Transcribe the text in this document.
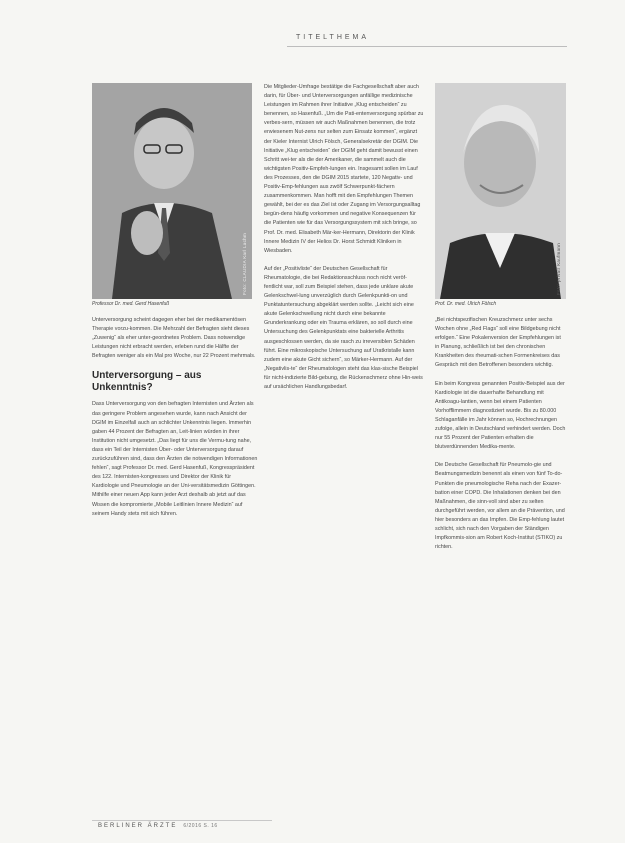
TITELTHEMA
Foto: CLAUDIA Karl Lachm
Professor Dr. med. Gerd Hasenfuß
Foto: privat/ Kaufmann
Prof. Dr. med. Ulrich Fölsch

Unterversorgung scheint dagegen eher bei der medikamentösen Therapie vorzu-kommen. Die Mehrzahl der Befragten sieht dieses „Zuwenig“ als eher unter-geordnetes Problem. Dass notwendige Leistungen nicht erbracht werden, erleben rund die Hälfte der Befragten weniger als ein Mal pro Woche, nur 22 Prozent mehrmals.

Unterversorgung – aus Unkenntnis?

Dass Unterversorgung von den befragten Internisten und Ärzten als das geringere Problem angesehen wurde, kann nach Ansicht der DGIM im Einzelfall auch an schlichter Unkenntnis liegen. Immerhin gaben 44 Prozent der Befragten an, Leit-linien würden in ihrer Institution nicht umgesetzt. „Das liegt für uns die Vermu-tung nahe, dass ein Teil der Internisten Über- oder Unterversorgung darauf zurückzuführen sind, dass den Ärzten die notwendigen Informationen fehlen“, sagt Professor Dr. med. Gerd Hasenfuß, Kongresspräsident des 122. Internisten-kongresses und Direktor der Klinik für Kardiologie und Pneumologie an der Uni-versitätsmedizin Göttingen. Mithilfe einer neuen App kann jeder Arzt deshalb ab jetzt auf das Wissen die kompromierte „Mobile Leitlinien Innere Medizin“ auf seinem Handy stets mit sich führen.

Die Mitglieder-Umfrage bestätige die Fachgesellschaft aber auch darin, für Über- und Unterversorgungen anfällige medizinische Leistungen im Rahmen ihrer Initiative „Klug entscheiden“ zu benennen, so Hasenfuß. „Um die Pati-entenversorgung spürbar zu verbes-sern, müssen wir auch Maßnahmen benennen, die trotz erwiesenem Nut-zens nur selten zum Einsatz kommen“, ergänzt der Kieler Internist Ulrich Fölsch, Generalsekretär der DGIM. Die Initiative „Klug entscheiden“ der DGIM geht damit bewusst einen Schritt wei-ter als die der Amerikaner, die sammelt auch die wichtigsten Positiv-Empfeh-lungen ein. Insgesamt sollen im Lauf des Prozesses, den die DGIM 2015 startete, 120 Negativ- und Positiv-Emp-fehlungen aus zwölf Schwerpunkt-fächern zusammenkommen. Man hofft mit den Empfehlungen Themen gewählt, bei der es das Ziel ist oder Zugang im Versorgungsalltag begün-dens häufig vorkommen und negative Konsequenzen für die Patienten wie für das Versorgungssystem mit sich bringe, so Prof. Dr. med. Elisabeth Mär-ker-Hermann, Direktorin der Klinik Innere Medizin IV der Helios Dr. Horst Schmidt Kliniken in Wiesbaden.

Auf der „Positivliste“ der Deutschen Gesellschaft für Rheumatologie, die bei Redaktionsschluss noch nicht veröf-fentlicht war, soll zum Beispiel stehen, dass jede unklare akute Gelenkschwel-lung unverzüglich durch Gelenkpunkti-on und Punktatuntersuchung abgeklärt werden sollte. „Leicht sich eine akute Gelenkschwellung nicht durch eine bekannte Grunderkrankung oder ein Trauma erklären, so soll durch eine Untersuchung des Gelenkpunktats eine bakterielle Arthritis ausgeschlossen werden, da sie rasch zu irreversiblen Schäden führt. Eine mikroskopische Untersuchung auf Uratkristalle kann zudem eine akute Gicht sichern“, so Märker-Hermann. Auf der „Negativlis-te“ der Rheumatologen steht das klas-sische Beispiel für nicht-indizierte Bild-gebung, die Rückenschmerz ohne Hin-weis auf ursächlichen Handlungsbedarf.

„Bei nichtspezifischen Kreuzschmerz unter sechs Wochen ohne „Red Flags“ soll eine Bildgebung nicht erfolgen.“ Eine Pokalenversion der Empfehlungen ist in Planung, schließlich ist bei den chronischen Krankheiten des rheumati-schen Formenkreises das Gespräch mit den Betroffenen besonders wichtig.

Ein beim Kongress genannten Positiv-Beispiel aus der Kardiologie ist die dauerhafte Behandlung mit Antikoagu-lantien, wenn bei einem Patienten Vorhofflimmern diagnostiziert wurde. Bis zu 80.000 Schlaganfälle im Jahr können so, Hochrechnungen zufolge, allein in Deutschland verhindert werden. Doch nur 55 Prozent der Patienten erhalten die blutverdünnenden Medika-mente.

Die Deutsche Gesellschaft für Pneumolo-gie und Beatmungsmedizin benennt als einen von fünf To-do-Punkten die pneumologische Reha nach der Exazer-bation einer COPD. Die Inhalationen denken bei den Maßnahmen, die sinn-voll sind aber zu selten durchgeführt werden, vor allem an die Prävention, und hier besonders an das Impfen. Die Emp-fehlung lautet schlicht, sich nach den Vorgaben der Ständigen Impfkommis-sion am Robert Koch-Institut (STIKO) zu richten.

BERLINER ÄRZTE 6/2016 S. 16
